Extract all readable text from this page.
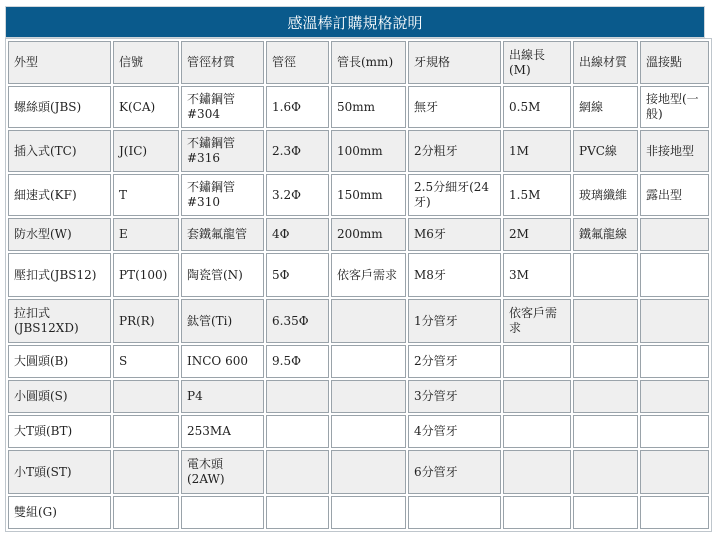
感溫棒訂購規格說明
外型	信號	管徑材質	管徑	管長(mm)	牙規格	出線長(M)	出線材質	溫接點
螺絲頭(JBS)	K(CA)	不鏽鋼管#304	1.6Φ	50mm	無牙	0.5M	網線	接地型(一般)
插入式(TC)	J(IC)	不鏽鋼管#316	2.3Φ	100mm	2分粗牙	1M	PVC線	非接地型
細速式(KF)	T	不鏽鋼管#310	3.2Φ	150mm	2.5分細牙(24牙)	1.5M	玻璃纖維	露出型
防水型(W)	E	套鐵氟龍管	4Φ	200mm	M6牙	2M	鐵氟龍線	
壓扣式(JBS12)	PT(100)	陶瓷管(N)	5Φ	依客戶需求	M8牙	3M		
拉扣式(JBS12XD)	PR(R)	鈦管(Ti)	6.35Φ		1分管牙	依客戶需求		
大圓頭(B)	S	INCO 600	9.5Φ		2分管牙			
小圓頭(S)		P4			3分管牙			
大T頭(BT)		253MA			4分管牙			
小T頭(ST)		電木頭(2AW)			6分管牙			
雙組(G)								
